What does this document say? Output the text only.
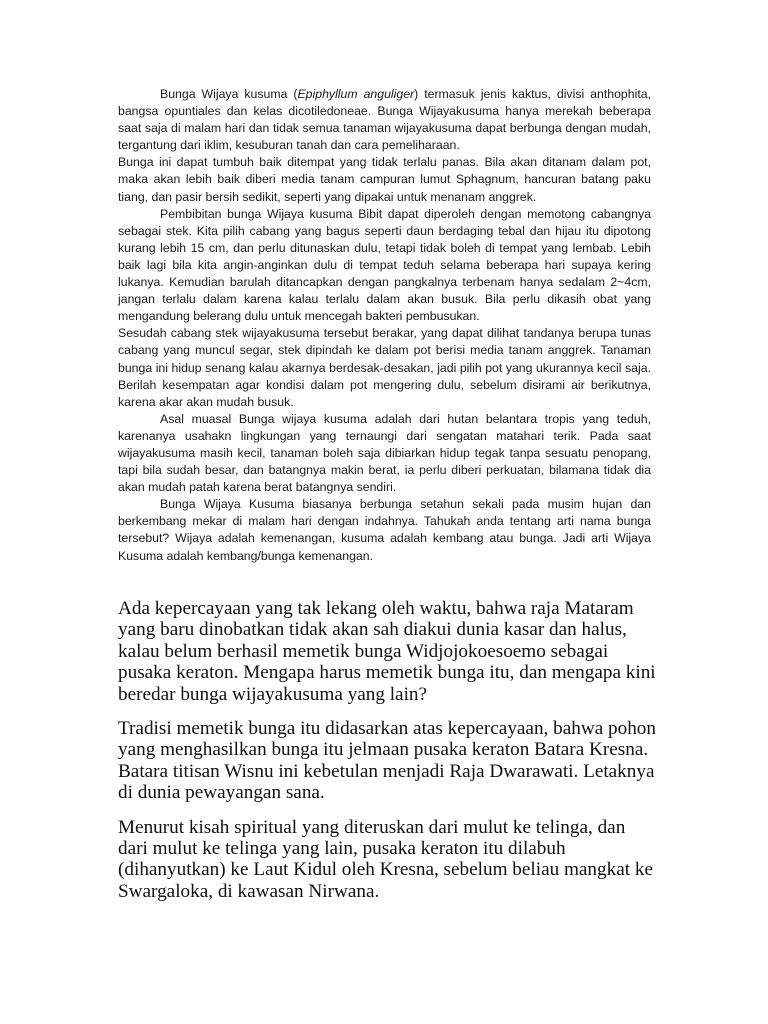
Bunga Wijaya kusuma (Epiphyllum anguliger) termasuk jenis kaktus, divisi anthophita, bangsa opuntiales dan kelas dicotiledoneae. Bunga Wijayakusuma hanya merekah beberapa saat saja di malam hari dan tidak semua tanaman wijayakusuma dapat berbunga dengan mudah, tergantung dari iklim, kesuburan tanah dan cara pemeliharaan.

Bunga ini dapat tumbuh baik ditempat yang tidak terlalu panas. Bila akan ditanam dalam pot, maka akan lebih baik diberi media tanam campuran lumut Sphagnum, hancuran batang paku tiang, dan pasir bersih sedikit, seperti yang dipakai untuk menanam anggrek.

Pembibitan bunga Wijaya kusuma Bibit dapat diperoleh dengan memotong cabangnya sebagai stek. Kita pilih cabang yang bagus seperti daun berdaging tebal dan hijau itu dipotong kurang lebih 15 cm, dan perlu ditunaskan dulu, tetapi tidak boleh di tempat yang lembab. Lebih baik lagi bila kita angin-anginkan dulu di tempat teduh selama beberapa hari supaya kering lukanya. Kemudian barulah ditancapkan dengan pangkalnya terbenam hanya sedalam 2~4cm, jangan terlalu dalam karena kalau terlalu dalam akan busuk. Bila perlu dikasih obat yang mengandung belerang dulu untuk mencegah bakteri pembusukan.

Sesudah cabang stek wijayakusuma tersebut berakar, yang dapat dilihat tandanya berupa tunas cabang yang muncul segar, stek dipindah ke dalam pot berisi media tanam anggrek. Tanaman bunga ini hidup senang kalau akarnya berdesak-desakan, jadi pilih pot yang ukurannya kecil saja. Berilah kesempatan agar kondisi dalam pot mengering dulu, sebelum disirami air berikutnya, karena akar akan mudah busuk.

Asal muasal Bunga wijaya kusuma adalah dari hutan belantara tropis yang teduh, karenanya usahakn lingkungan yang ternaungi dari sengatan matahari terik. Pada saat wijayakusuma masih kecil, tanaman boleh saja dibiarkan hidup tegak tanpa sesuatu penopang, tapi bila sudah besar, dan batangnya makin berat, ia perlu diberi perkuatan, bilamana tidak dia akan mudah patah karena berat batangnya sendiri.

Bunga Wijaya Kusuma biasanya berbunga setahun sekali pada musim hujan dan berkembang mekar di malam hari dengan indahnya. Tahukah anda tentang arti nama bunga tersebut? Wijaya adalah kemenangan, kusuma adalah kembang atau bunga. Jadi arti Wijaya Kusuma adalah kembang/bunga kemenangan.

Ada kepercayaan yang tak lekang oleh waktu, bahwa raja Mataram yang baru dinobatkan tidak akan sah diakui dunia kasar dan halus, kalau belum berhasil memetik bunga Widjojokoesoemo sebagai pusaka keraton. Mengapa harus memetik bunga itu, dan mengapa kini beredar bunga wijayakusuma yang lain?

Tradisi memetik bunga itu didasarkan atas kepercayaan, bahwa pohon yang menghasilkan bunga itu jelmaan pusaka keraton Batara Kresna. Batara titisan Wisnu ini kebetulan menjadi Raja Dwarawati. Letaknya di dunia pewayangan sana.

Menurut kisah spiritual yang diteruskan dari mulut ke telinga, dan dari mulut ke telinga yang lain, pusaka keraton itu dilabuh (dihanyutkan) ke Laut Kidul oleh Kresna, sebelum beliau mangkat ke Swargaloka, di kawasan Nirwana.
